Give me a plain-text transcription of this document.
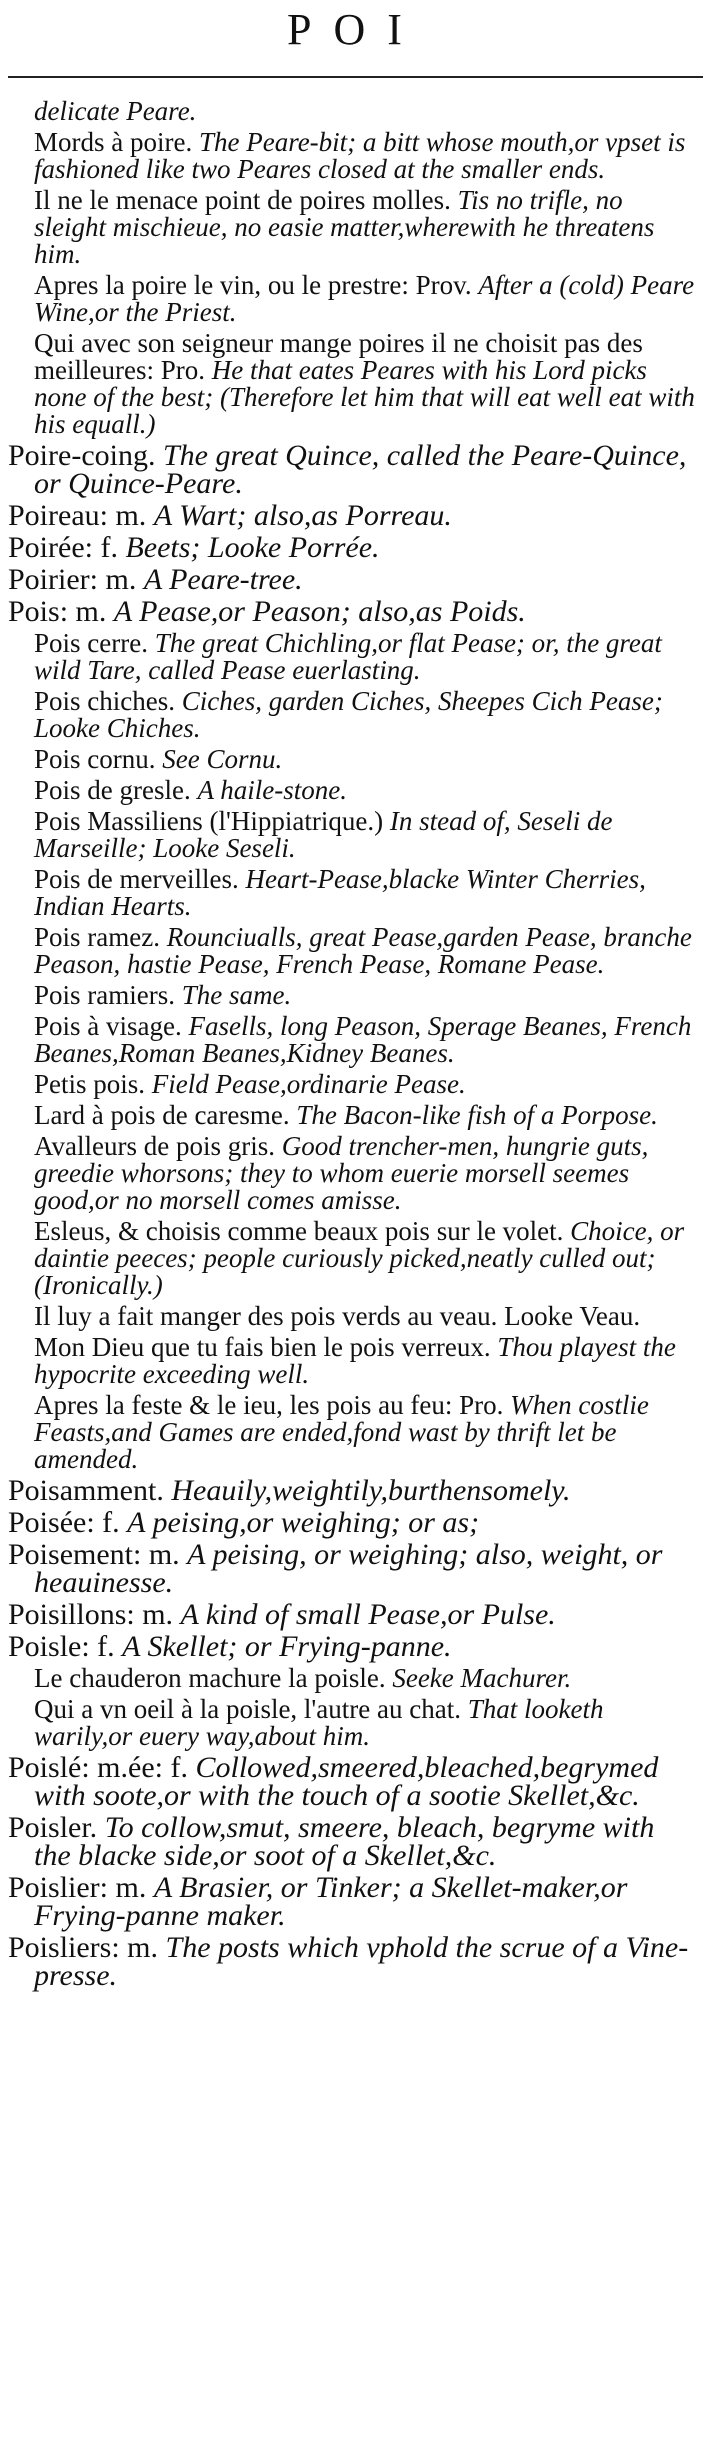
POI
delicate Peare.
Mords à poire. The Peare-bit; a bitt whose mouth,or vpset is fashioned like two Peares closed at the smaller ends.
Il ne le menace point de poires molles. Tis no trifle, no sleight mischieue, no easie matter,wherewith he threatens him.
Apres la poire le vin, ou le prestre: Prov. After a (cold) Peare Wine,or the Priest.
Qui avec son seigneur mange poires il ne choisit pas des meilleures: Pro. He that eates Peares with his Lord picks none of the best; (Therefore let him that will eat well eat with his equall.)
Poire-coing. The great Quince, called the Peare-Quince, or Quince-Peare.
Poireau: m. A Wart; also,as Porreau.
Poirée: f. Beets; Looke Porrée.
Poirier: m. A Peare-tree.
Pois: m. A Pease,or Peason; also,as Poids.
Pois cerre. The great Chichling,or flat Pease; or, the great wild Tare, called Pease euerlasting.
Pois chiches. Ciches, garden Ciches, Sheepes Cich Pease; Looke Chiches.
Pois cornu. See Cornu.
Pois de gresle. A haile-stone.
Pois Massiliens (l'Hippiatrique.) In stead of, Seseli de Marseille; Looke Seseli.
Pois de merveilles. Heart-Pease,blacke Winter Cherries, Indian Hearts.
Pois ramez. Rounciualls, great Pease,garden Pease, branche Peason, hastie Pease, French Pease, Romane Pease.
Pois ramiers. The same.
Pois à visage. Fasells, long Peason, Sperage Beanes, French Beanes,Roman Beanes,Kidney Beanes.
Petis pois. Field Pease,ordinarie Pease.
Lard à pois de caresme. The Bacon-like fish of a Porpose.
Avalleurs de pois gris. Good trencher-men, hungrie guts, greedie whorsons; they to whom euerie morsell seemes good,or no morsell comes amisse.
Esleus, & choisis comme beaux pois sur le volet. Choice, or daintie peeces; people curiously picked,neatly culled out; (Ironically.)
Il luy a fait manger des pois verds au veau. Looke Veau.
Mon Dieu que tu fais bien le pois verreux. Thou playest the hypocrite exceeding well.
Apres la feste & le ieu, les pois au feu: Pro. When costlie Feasts,and Games are ended,fond wast by thrift let be amended.
Poisamment. Heauily,weightily,burthensomely.
Poisée: f. A peising,or weighing; or as;
Poisement: m. A peising, or weighing; also, weight, or heauinesse.
Poisillons: m. A kind of small Pease,or Pulse.
Poisle: f. A Skellet; or Frying-panne.
Le chauderon machure la poisle. Seeke Machurer.
Qui a vn oeil à la poisle, l'autre au chat. That looketh warily,or euery way,about him.
Poislé: m.ée: f. Collowed,smeered,bleached,begrymed with soote,or with the touch of a sootie Skellet,&c.
Poisler. To collow,smut, smeere, bleach, begryme with the blacke side,or soot of a Skellet,&c.
Poislier: m. A Brasier, or Tinker; a Skellet-maker,or Frying-panne maker.
Poisliers: m. The posts which vphold the scrue of a Vine-presse.
